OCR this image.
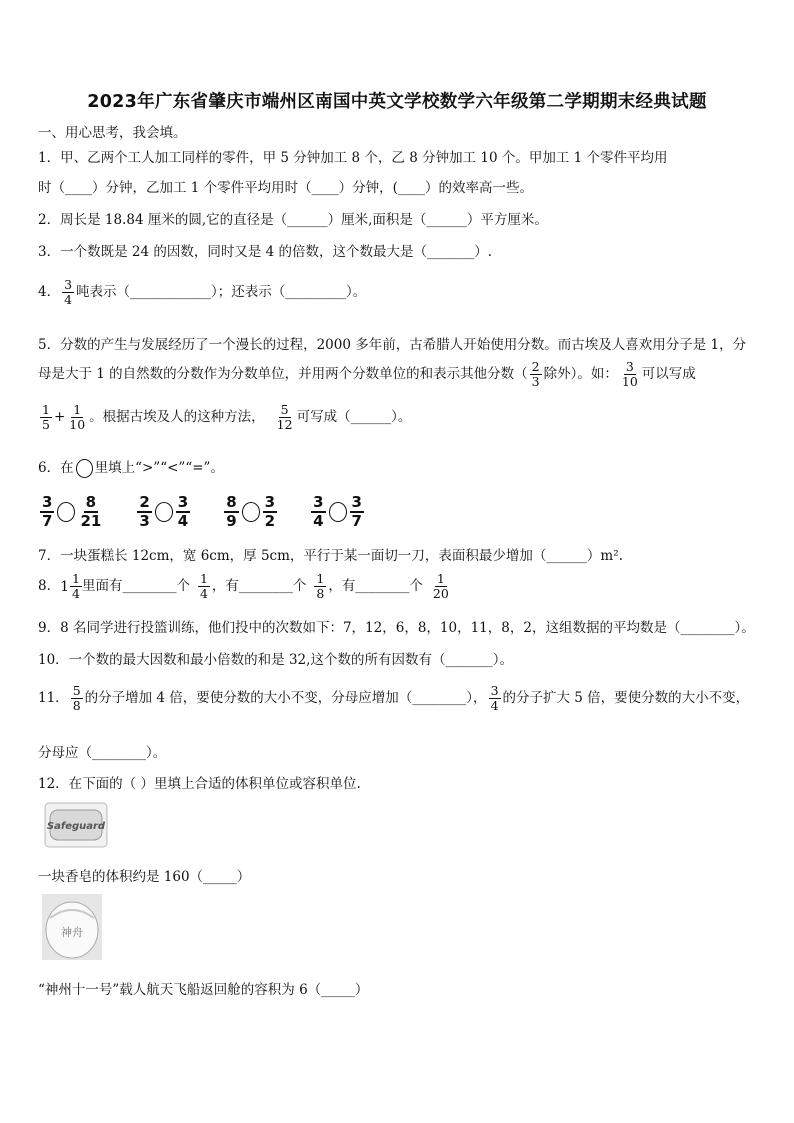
2023年广东省肇庆市端州区南国中英文学校数学六年级第二学期期末经典试题
一、用心思考，我会填。
1．甲、乙两个工人加工同样的零件，甲 5 分钟加工 8 个，乙 8 分钟加工 10 个。甲加工 1 个零件平均用
时（____）分钟，乙加工 1 个零件平均用时（____）分钟，(____）的效率高一些。
2．周长是 18.84 厘米的圆,它的直径是（______）厘米,面积是（______）平方厘米。
3．一个数既是 24 的因数，同时又是 4 的倍数，这个数最大是（_______）.
4． $\frac{3}{4}$ 吨表示（____________）；还表示（_________）。
5．分数的产生与发展经历了一个漫长的过程，2000 多年前，古希腊人开始使用分数。而古埃及人喜欢用分子是 1，分
母是大于 1 的自然数的分数作为分数单位，并用两个分数单位的和表示其他分数（ $\frac{2}{3}$ 除外）。如： $\frac{3}{10}$ 可以写成
$\frac{1}{5} + \frac{1}{10}$ 。根据古埃及人的这种方法， $\frac{5}{12}$ 可写成（______）。
6．在 里填上“>”“<”“=”。
$\frac{3}{7} \frac{8}{21} \frac{2}{3} \frac{3}{4} \frac{8}{9} \frac{3}{2} \frac{3}{4} \frac{3}{7}$
7．一块蛋糕长 12cm，宽 6cm，厚 5cm，平行于某一面切一刀，表面积最少增加（______）m².
8． $1 \frac{1}{4}$ 里面有________个 $\frac{1}{4}$ ，有________个 $\frac{1}{8}$ ，有________个 $\frac{1}{20}$
9．8 名同学进行投篮训练，他们投中的次数如下：7，12，6，8，10，11，8，2，这组数据的平均数是（________）。
10．一个数的最大因数和最小倍数的和是 32,这个数的所有因数有（_______）。
11． $\frac{5}{8}$ 的分子增加 4 倍，要使分数的大小不变，分母应增加（________）， $\frac{3}{4}$ 的分子扩大 5 倍，要使分数的大小不变，
分母应（________）。
12．在下面的（ ）里填上合适的体积单位或容积单位.
Safeguard
一块香皂的体积约是 160（_____）
神舟
“神州十一号”载人航天飞船返回舱的容积为 6（_____）
